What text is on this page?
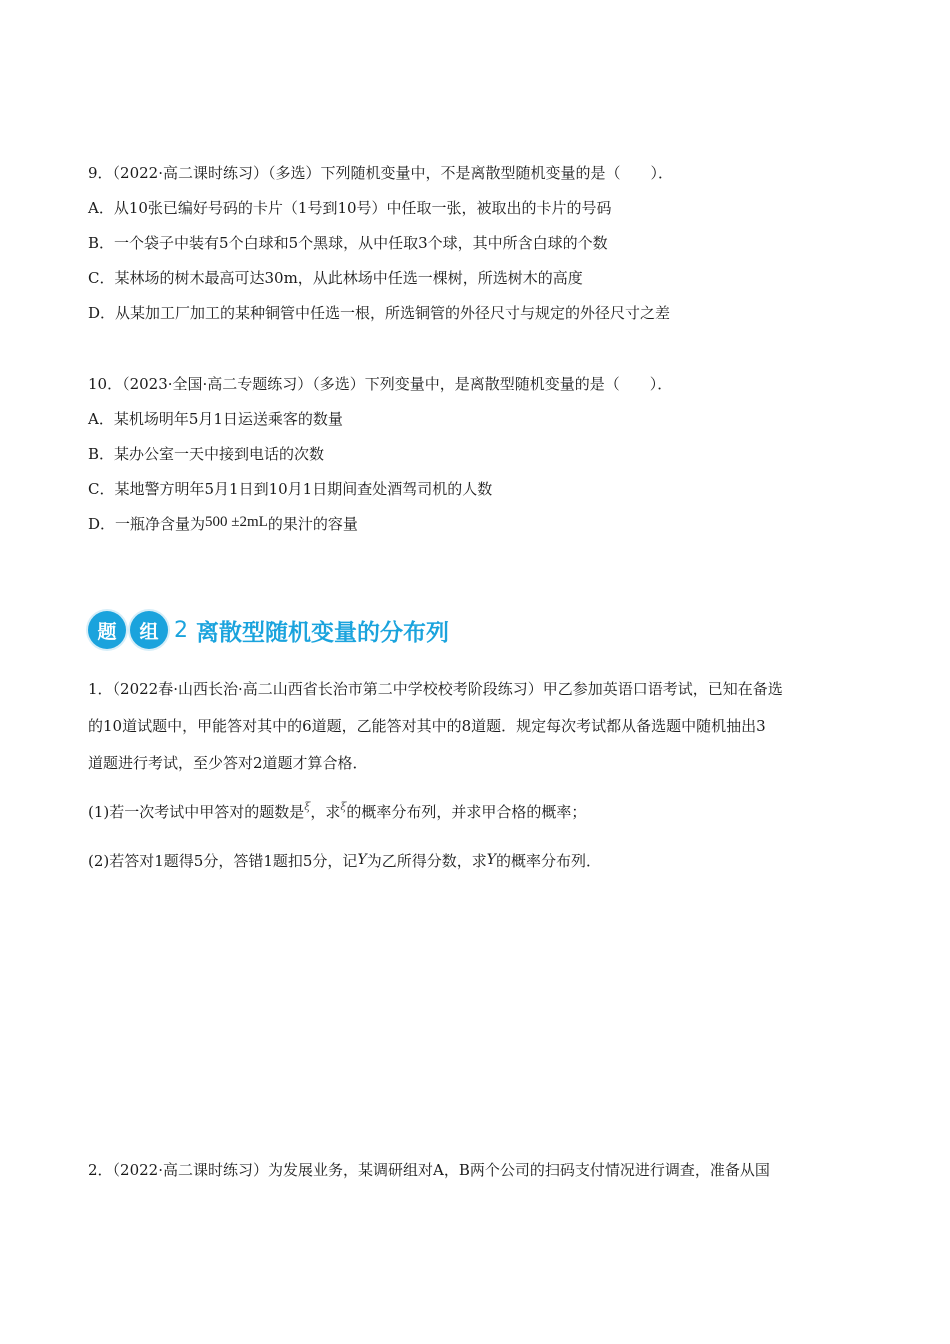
9．（2022·高二课时练习）（多选）下列随机变量中，不是离散型随机变量的是（　　）．
A．从10张已编好号码的卡片（1号到10号）中任取一张，被取出的卡片的号码
B．一个袋子中装有5个白球和5个黑球，从中任取3个球，其中所含白球的个数
C．某林场的树木最高可达30m，从此林场中任选一棵树，所选树木的高度
D．从某加工厂加工的某种铜管中任选一根，所选铜管的外径尺寸与规定的外径尺寸之差
10．（2023·全国·高二专题练习）（多选）下列变量中，是离散型随机变量的是（　　）．
A．某机场明年5月1日运送乘客的数量
B．某办公室一天中接到电话的次数
C．某地警方明年5月1日到10月1日期间查处酒驾司机的人数
D．一瓶净含量为500 ±2mL的果汁的容量
题	组 2 离散型随机变量的分布列
1．（2022春·山西长治·高二山西省长治市第二中学校校考阶段练习）甲乙参加英语口语考试，已知在备选
的10道试题中，甲能答对其中的6道题，乙能答对其中的8道题．规定每次考试都从备选题中随机抽出3
道题进行考试，至少答对2道题才算合格．
(1)若一次考试中甲答对的题数是$^\xi$，求$^\xi$的概率分布列，并求甲合格的概率；
(2)若答对1题得5分，答错1题扣5分，记Y为乙所得分数，求Y的概率分布列．
2．（2022·高二课时练习）为发展业务，某调研组对A，B两个公司的扫码支付情况进行调查，准备从国
